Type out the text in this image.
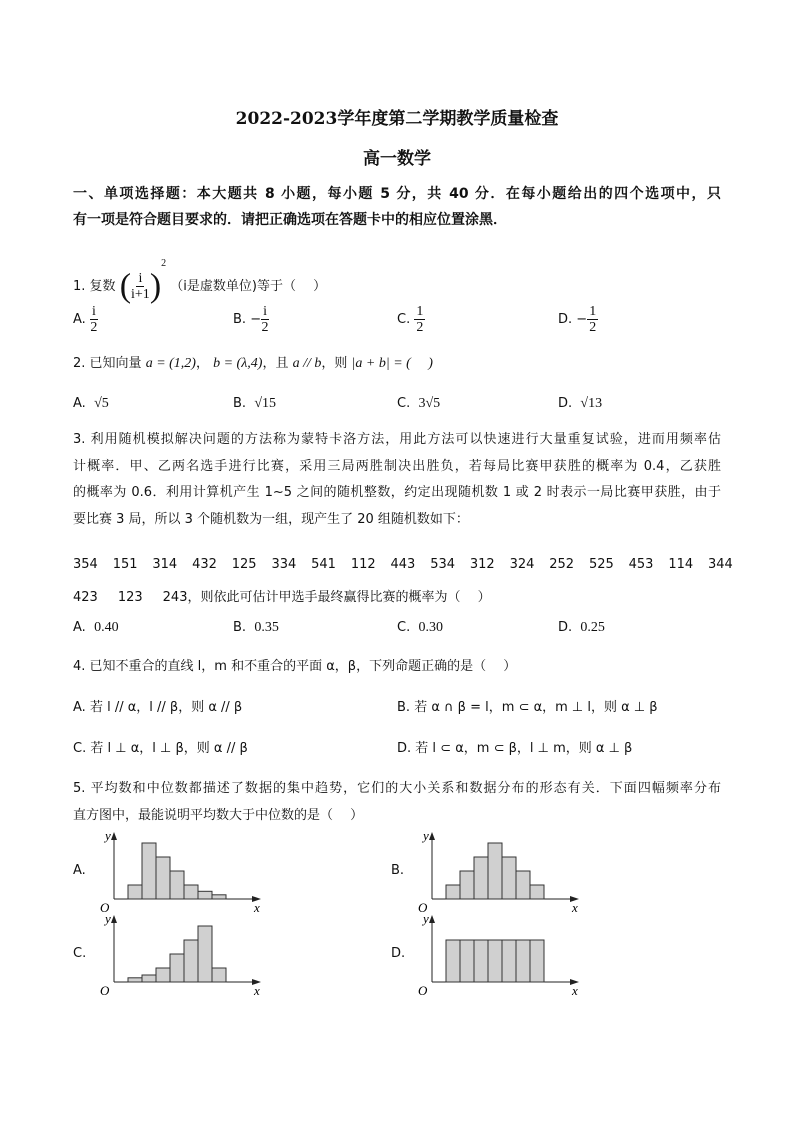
2022-2023学年度第二学期教学质量检查
高一数学
一、单项选择题：本大题共 8 小题，每小题 5 分，共 40 分．在每小题给出的四个选项中，只
有一项是符合题目要求的．请把正确选项在答题卡中的相应位置涂黑．
1. 复数 ( $\frac{i}{i+1} )^2$ （i是虚数单位)等于（　 ）
2. 已知向量 a = (1,2)， b = (λ,4)，且 a // b，则 |a + b| = (　 )
354 151 314 432 125 334 541 112 443 534 312 324 252 525 453 114 344
423 123 243，则依此可估计甲选手最终赢得比赛的概率为（　 ）
4. 已知不重合的直线 l，m 和不重合的平面 α，β，下列命题正确的是（　 ）
5. 平均数和中位数都描述了数据的集中趋势，它们的大小关系和数据分布的形态有关．下面四幅频率分布
直方图中，最能说明平均数大于中位数的是（　 ）
A. $\frac{i}{2}$	B. − $\frac{i}{2}$	C. $\frac{1}{2}$	D. − $\frac{1}{2}$
A. √5	B. √15	C. 3√5	D. √13
3. 利用随机模拟解决问题的方法称为蒙特卡洛方法，用此方法可以快速进行大量重复试验，进而用频率估
计概率．甲、乙两名选手进行比赛，采用三局两胜制决出胜负，若每局比赛甲获胜的概率为 0.4，乙获胜
的概率为 0.6．利用计算机产生 1~5 之间的随机整数，约定出现随机数 1 或 2 时表示一局比赛甲获胜，由于
要比赛 3 局，所以 3 个随机数为一组，现产生了 20 组随机数如下：
A. 0.40	B. 0.35	C. 0.30	D. 0.25
A. 若 l // α，l // β，则 α // β	B. 若 α ∩ β = l，m ⊂ α，m ⊥ l，则 α ⊥ β
C. 若 l ⊥ α，l ⊥ β，则 α // β	D. 若 l ⊂ α，m ⊂ β，l ⊥ m，则 α ⊥ β
A.
y
x
O
B.
y
x
O
C.
y
x
O
D.
y
x
O
